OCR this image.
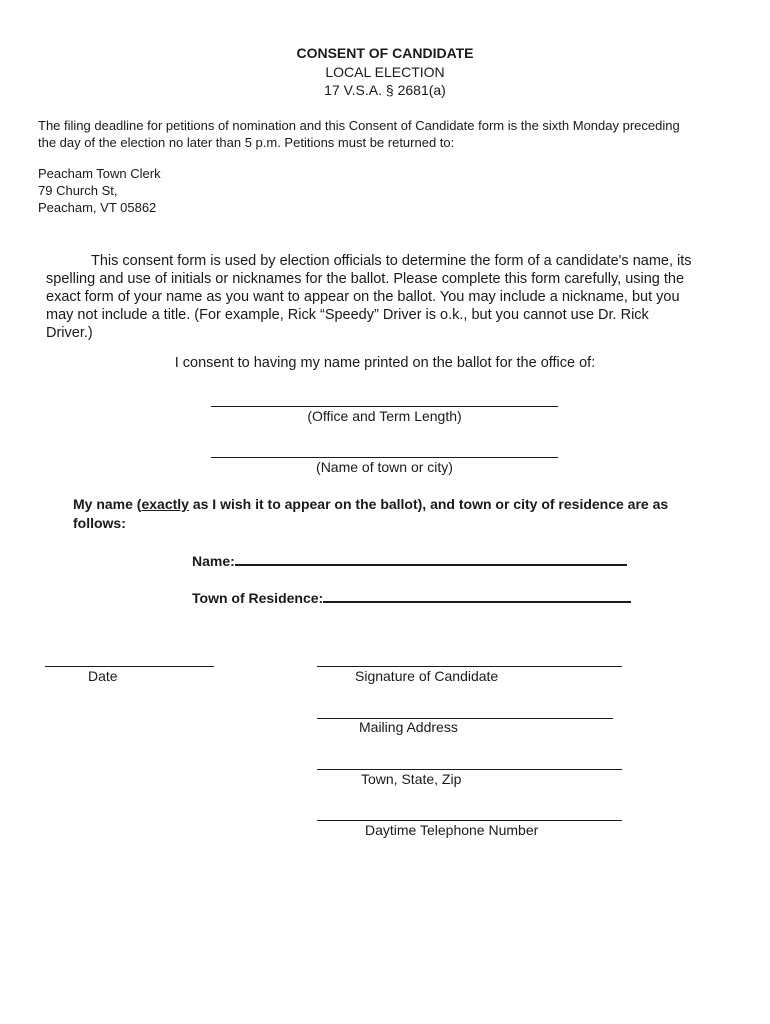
CONSENT OF CANDIDATE
LOCAL ELECTION
17 V.S.A. § 2681(a)
The filing deadline for petitions of nomination and this Consent of Candidate form is the sixth Monday preceding
the day of the election no later than 5 p.m. Petitions must be returned to:
Peacham Town Clerk
79 Church St,
Peacham, VT 05862
This consent form is used by election officials to determine the form of a candidate's name, its
spelling and use of initials or nicknames for the ballot. Please complete this form carefully, using the
exact form of your name as you want to appear on the ballot. You may include a nickname, but you
may not include a title. (For example, Rick “Speedy” Driver is o.k., but you cannot use Dr. Rick
Driver.)
I consent to having my name printed on the ballot for the office of:
(Office and Term Length)
(Name of town or city)
My name (exactly as I wish it to appear on the ballot), and town or city of residence are as
follows:
Name:
Town of Residence:
Date	Signature of Candidate
Mailing Address
Town, State, Zip
Daytime Telephone Number
